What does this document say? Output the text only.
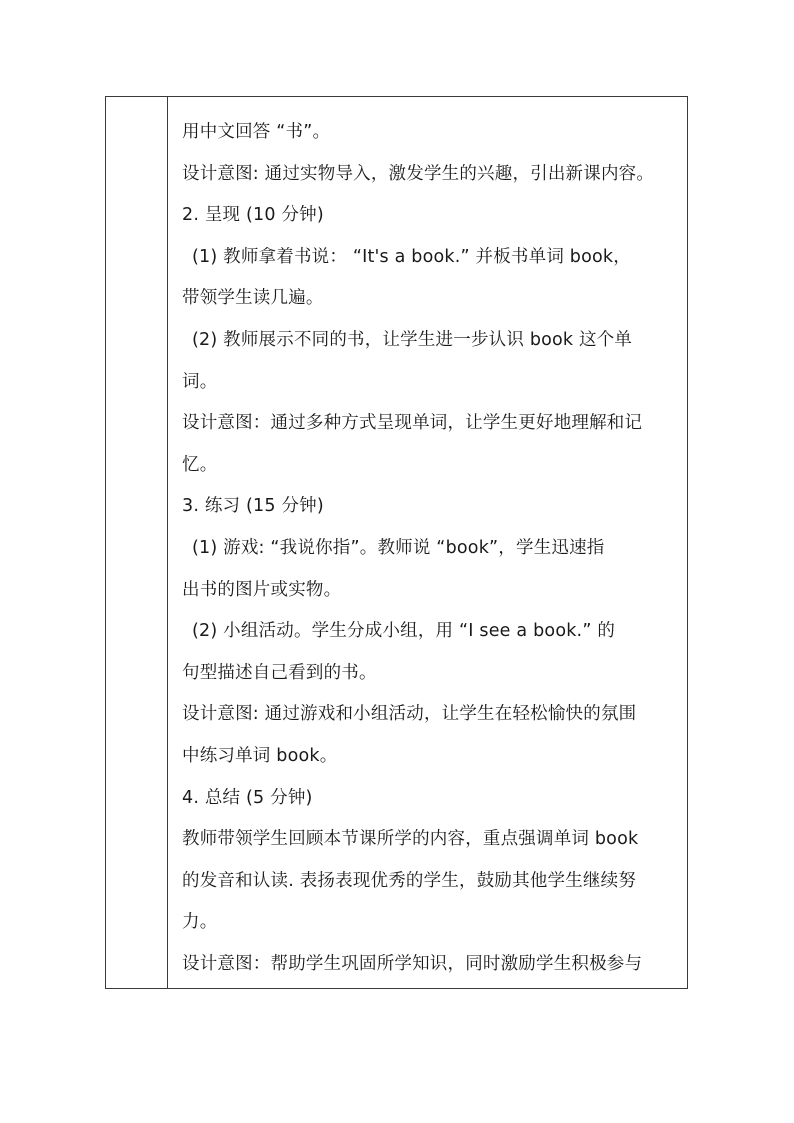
用中文回答 “书”。
设计意图: 通过实物导入，激发学生的兴趣，引出新课内容。
2. 呈现 (10 分钟)
(1) 教师拿着书说： “It's a book.” 并板书单词 book，
带领学生读几遍。
(2) 教师展示不同的书，让学生进一步认识 book 这个单
词。
设计意图：通过多种方式呈现单词，让学生更好地理解和记
忆。
3. 练习 (15 分钟)
(1) 游戏: “我说你指”。教师说 “book”，学生迅速指
出书的图片或实物。
(2) 小组活动。学生分成小组，用 “I see a book.” 的
句型描述自己看到的书。
设计意图: 通过游戏和小组活动，让学生在轻松愉快的氛围
中练习单词 book。
4. 总结 (5 分钟)
教师带领学生回顾本节课所学的内容，重点强调单词 book
的发音和认读. 表扬表现优秀的学生，鼓励其他学生继续努
力。
设计意图：帮助学生巩固所学知识，同时激励学生积极参与
